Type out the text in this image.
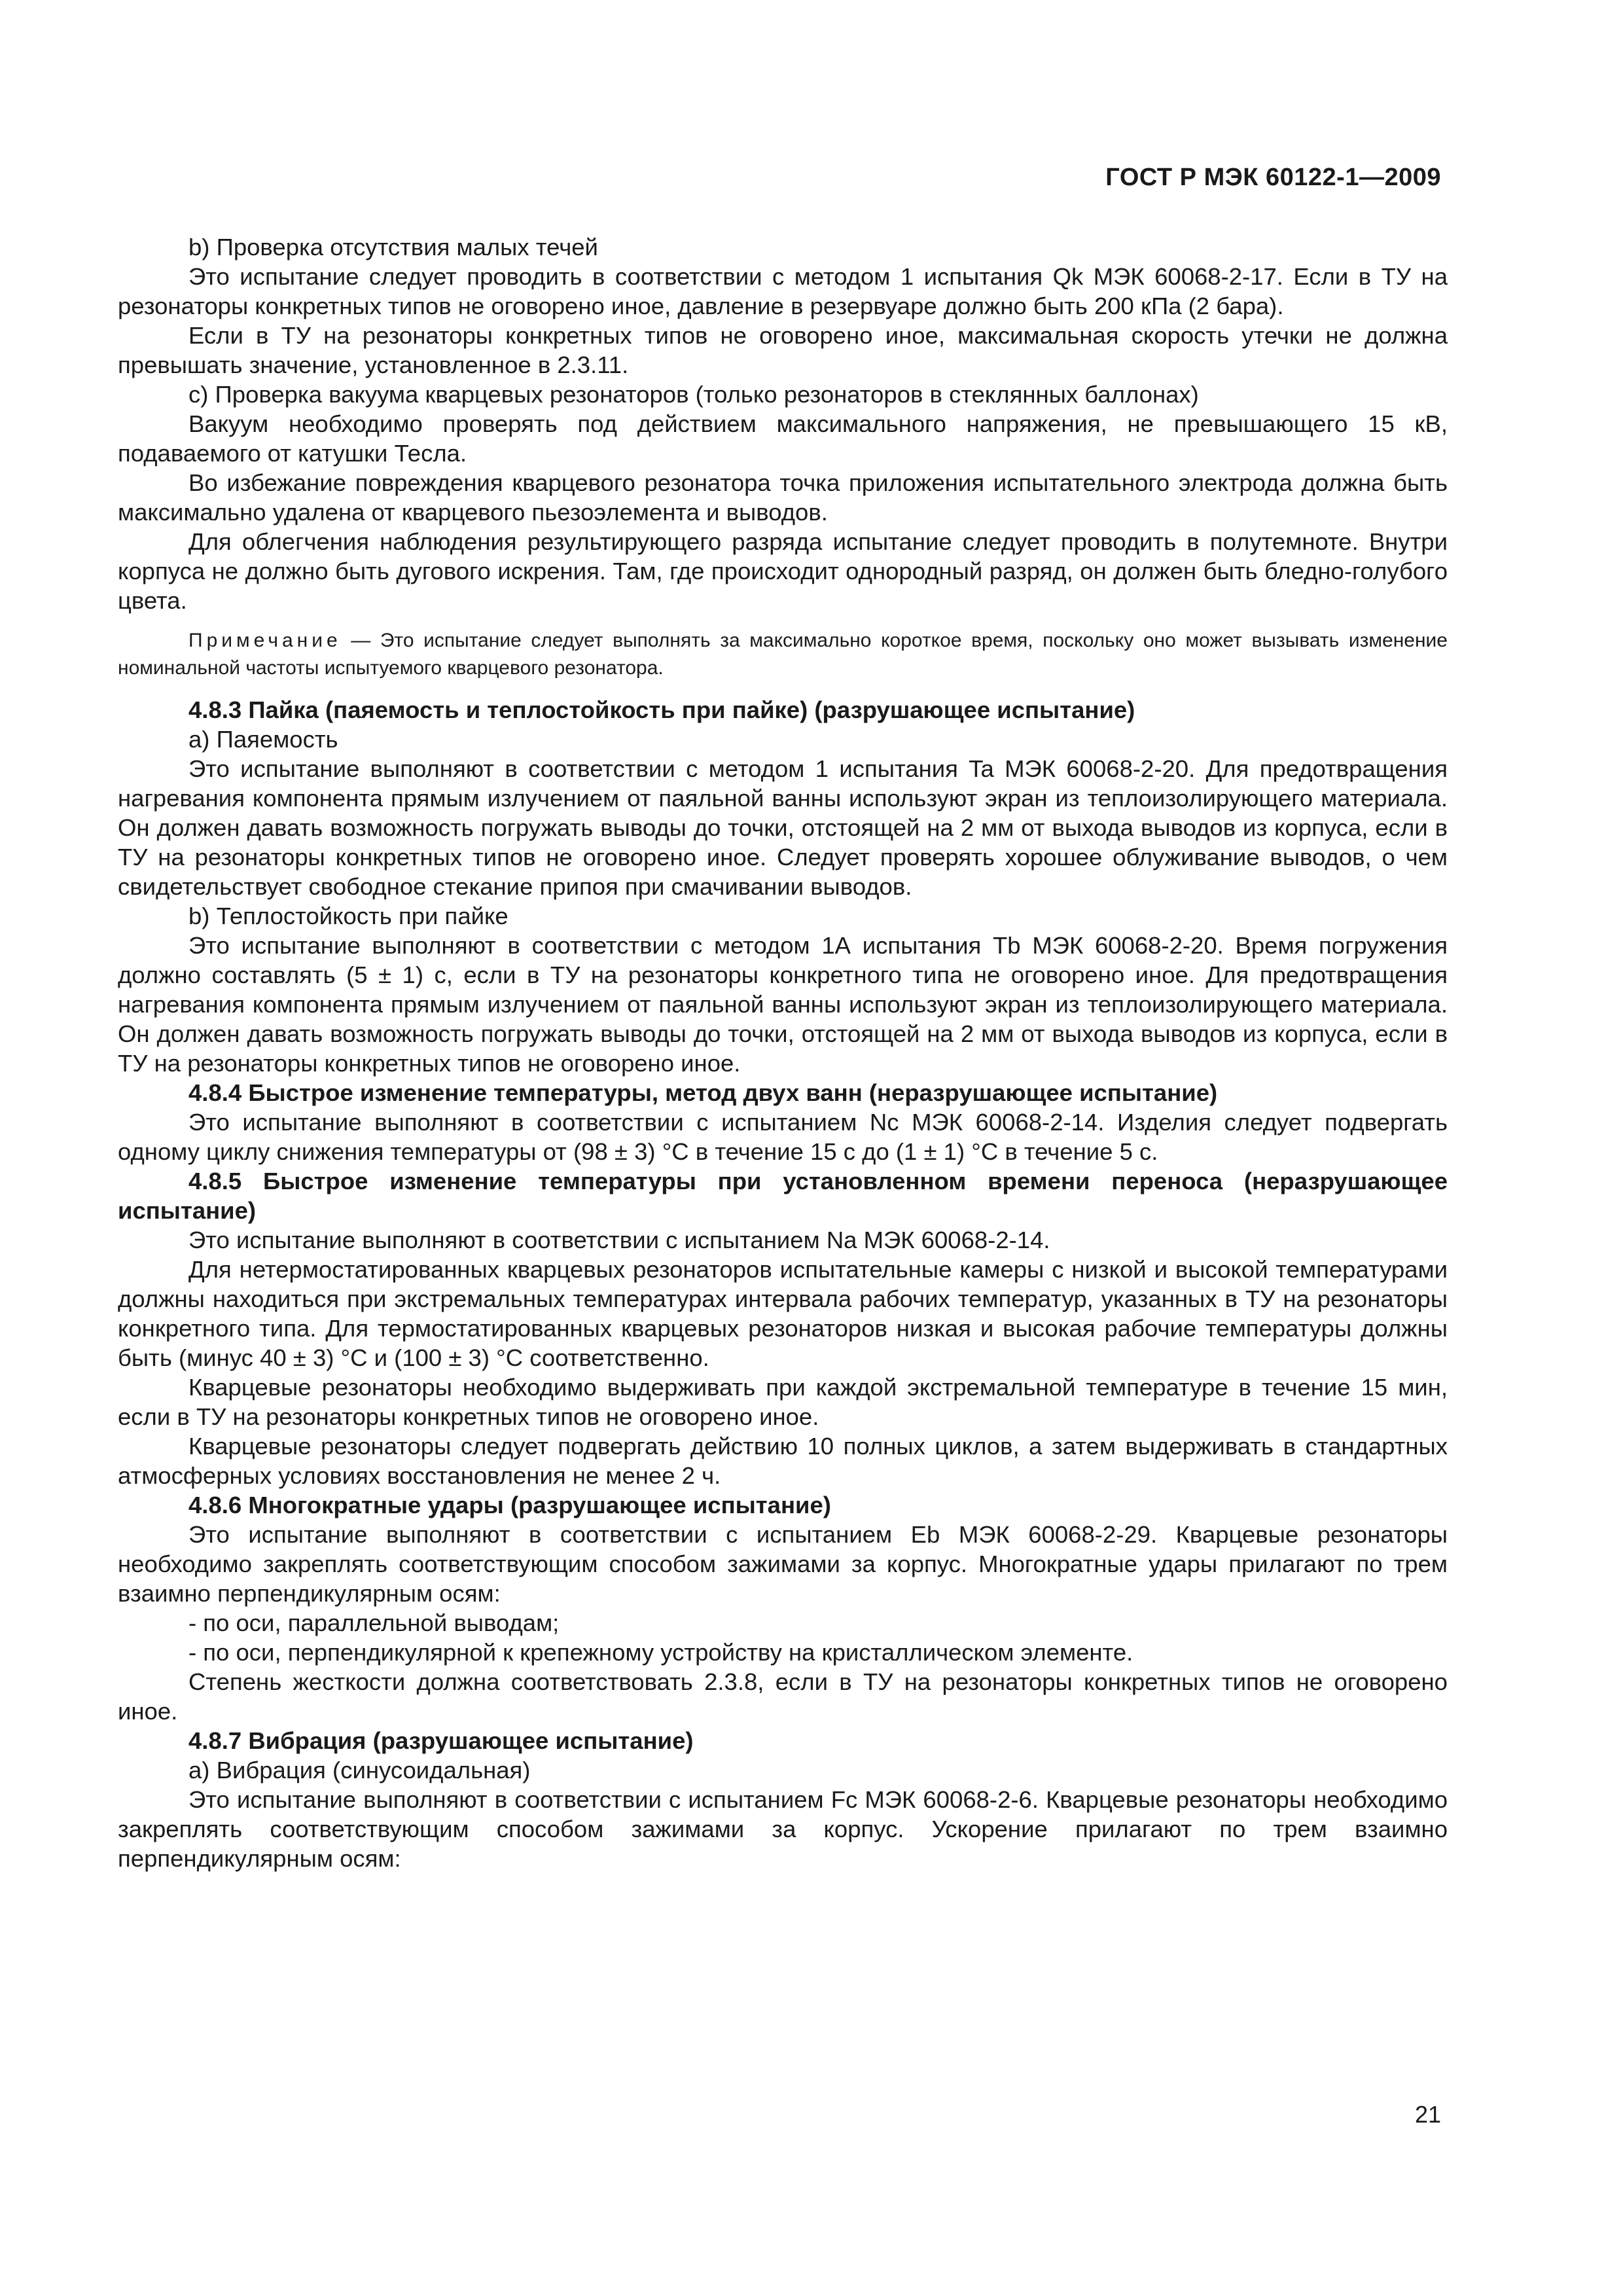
ГОСТ Р МЭК 60122-1—2009

b) Проверка отсутствия малых течей

Это испытание следует проводить в соответствии с методом 1 испытания Qk МЭК 60068-2-17. Если в ТУ на резонаторы конкретных типов не оговорено иное, давление в резервуаре должно быть 200 кПа (2 бара).

Если в ТУ на резонаторы конкретных типов не оговорено иное, максимальная скорость утечки не должна превышать значение, установленное в 2.3.11.

с) Проверка вакуума кварцевых резонаторов (только резонаторов в стеклянных баллонах)

Вакуум необходимо проверять под действием максимального напряжения, не превышающего 15 кВ, подаваемого от катушки Тесла.

Во избежание повреждения кварцевого резонатора точка приложения испытательного электрода должна быть максимально удалена от кварцевого пьезоэлемента и выводов.

Для облегчения наблюдения результирующего разряда испытание следует проводить в полутемноте. Внутри корпуса не должно быть дугового искрения. Там, где происходит однородный разряд, он должен быть бледно-голубого цвета.

Примечание — Это испытание следует выполнять за максимально короткое время, поскольку оно может вызывать изменение номинальной частоты испытуемого кварцевого резонатора.

4.8.3 Пайка (паяемость и теплостойкость при пайке) (разрушающее испытание)

а) Паяемость

Это испытание выполняют в соответствии с методом 1 испытания Ta МЭК 60068-2-20. Для предотвращения нагревания компонента прямым излучением от паяльной ванны используют экран из теплоизолирующего материала. Он должен давать возможность погружать выводы до точки, отстоящей на 2 мм от выхода выводов из корпуса, если в ТУ на резонаторы конкретных типов не оговорено иное. Следует проверять хорошее облуживание выводов, о чем свидетельствует свободное стекание припоя при смачивании выводов.

b) Теплостойкость при пайке

Это испытание выполняют в соответствии с методом 1А испытания Tb МЭК 60068-2-20. Время погружения должно составлять (5 ± 1) с, если в ТУ на резонаторы конкретного типа не оговорено иное. Для предотвращения нагревания компонента прямым излучением от паяльной ванны используют экран из теплоизолирующего материала. Он должен давать возможность погружать выводы до точки, отстоящей на 2 мм от выхода выводов из корпуса, если в ТУ на резонаторы конкретных типов не оговорено иное.

4.8.4 Быстрое изменение температуры, метод двух ванн (неразрушающее испытание)

Это испытание выполняют в соответствии с испытанием Nc МЭК 60068-2-14. Изделия следует подвергать одному циклу снижения температуры от (98 ± 3) °С в течение 15 с до (1 ± 1) °С в течение 5 с.

4.8.5 Быстрое изменение температуры при установленном времени переноса (неразрушающее испытание)

Это испытание выполняют в соответствии с испытанием Na МЭК 60068-2-14.

Для нетермостатированных кварцевых резонаторов испытательные камеры с низкой и высокой температурами должны находиться при экстремальных температурах интервала рабочих температур, указанных в ТУ на резонаторы конкретного типа. Для термостатированных кварцевых резонаторов низкая и высокая рабочие температуры должны быть (минус 40 ± 3) °С и (100 ± 3) °С соответственно.

Кварцевые резонаторы необходимо выдерживать при каждой экстремальной температуре в течение 15 мин, если в ТУ на резонаторы конкретных типов не оговорено иное.

Кварцевые резонаторы следует подвергать действию 10 полных циклов, а затем выдерживать в стандартных атмосферных условиях восстановления не менее 2 ч.

4.8.6 Многократные удары (разрушающее испытание)

Это испытание выполняют в соответствии с испытанием Eb МЭК 60068-2-29. Кварцевые резонаторы необходимо закреплять соответствующим способом зажимами за корпус. Многократные удары прилагают по трем взаимно перпендикулярным осям:

- по оси, параллельной выводам;

- по оси, перпендикулярной к крепежному устройству на кристаллическом элементе.

Степень жесткости должна соответствовать 2.3.8, если в ТУ на резонаторы конкретных типов не оговорено иное.

4.8.7 Вибрация (разрушающее испытание)

а) Вибрация (синусоидальная)

Это испытание выполняют в соответствии с испытанием Fc МЭК 60068-2-6. Кварцевые резонаторы необходимо закреплять соответствующим способом зажимами за корпус. Ускорение прилагают по трем взаимно перпендикулярным осям:

21
